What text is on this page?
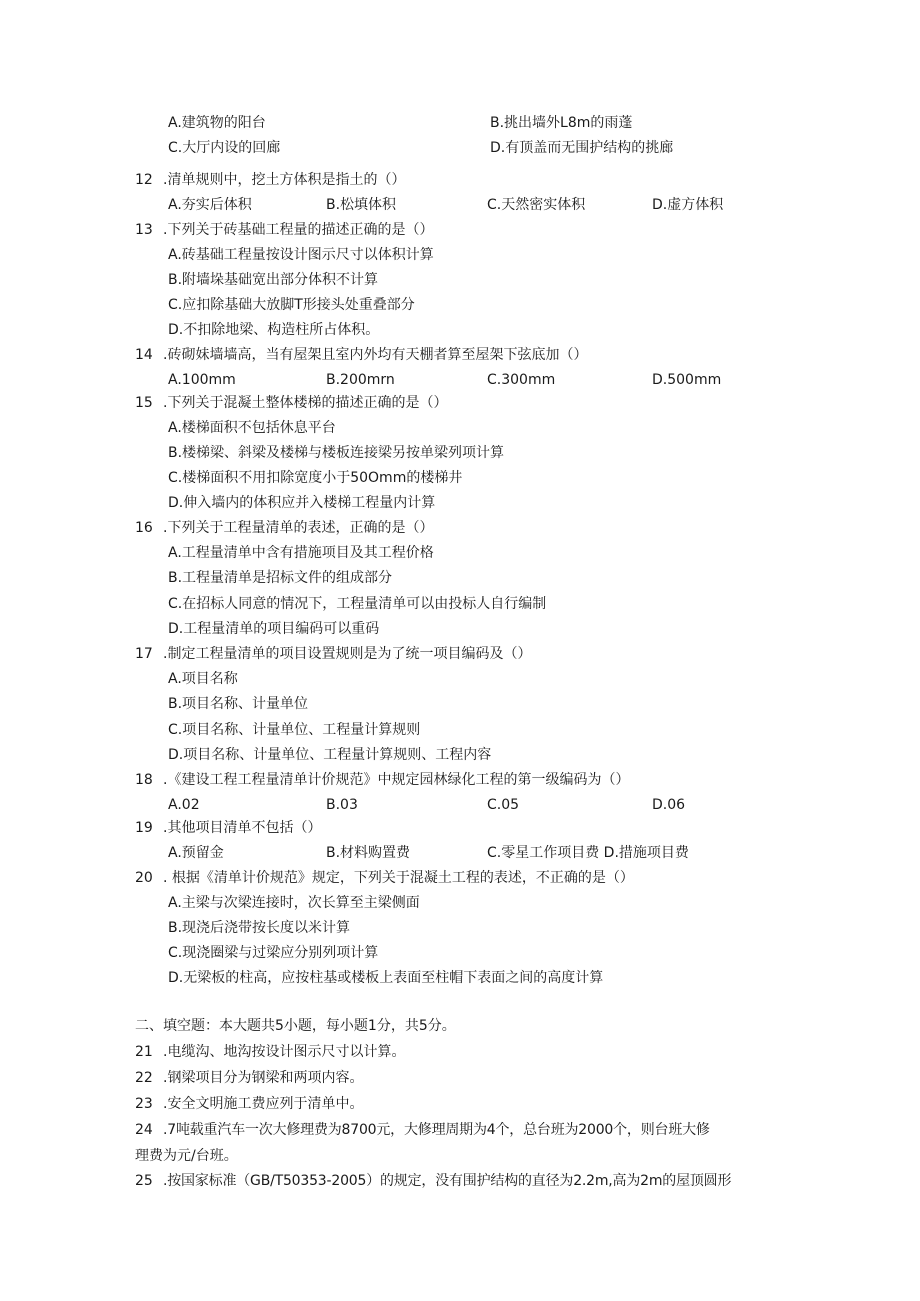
A.建筑物的阳台	B.挑出墙外L8m的雨蓬
C.大厅内设的回廊	D.有顶盖而无围护结构的挑廊
12 .清单规则中，挖土方体积是指土的（）
A.夯实后体积	B.松填体积	C.天然密实体积	D.虚方体积
13 .下列关于砖基础工程量的描述正确的是（）
A.砖基础工程量按设计图示尺寸以体积计算
B.附墙垛基础宽出部分体积不计算
C.应扣除基础大放脚T形接头处重叠部分
D.不扣除地梁、构造柱所占体积。
14 .砖砌妹墙墙高，当有屋架且室内外均有天棚者算至屋架下弦底加（）
A.100mm	B.200mrn	C.300mm	D.500mm
15 .下列关于混凝土整体楼梯的描述正确的是（）
A.楼梯面积不包括休息平台
B.楼梯梁、斜梁及楼梯与楼板连接梁另按单梁列项计算
C.楼梯面积不用扣除宽度小于50Omm的楼梯井
D.伸入墙内的体积应并入楼梯工程量内计算
16 .下列关于工程量清单的表述，正确的是（）
A.工程量清单中含有措施项目及其工程价格
B.工程量清单是招标文件的组成部分
C.在招标人同意的情况下，工程量清单可以由投标人自行编制
D.工程量清单的项目编码可以重码
17 .制定工程量清单的项目设置规则是为了统一项目编码及（）
A.项目名称
B.项目名称、计量单位
C.项目名称、计量单位、工程量计算规则
D.项目名称、计量单位、工程量计算规则、工程内容
18 .《建设工程工程量清单计价规范》中规定园林绿化工程的第一级编码为（）
A.02	B.03	C.05	D.06
19 .其他项目清单不包括（）
A.预留金	B.材料购置费	C.零星工作项目费 D.措施项目费
20 . 根据《清单计价规范》规定，下列关于混凝土工程的表述，不正确的是（）
A.主梁与次梁连接时，次长算至主梁侧面
B.现浇后浇带按长度以米计算
C.现浇圈梁与过梁应分别列项计算
D.无梁板的柱高，应按柱基或楼板上表面至柱帽下表面之间的高度计算
二、填空题：本大题共5小题，每小题1分，共5分。
21 .电缆沟、地沟按设计图示尺寸以计算。
22 .钢梁项目分为钢梁和两项内容。
23 .安全文明施工费应列于清单中。
24 .7吨载重汽车一次大修理费为8700元，大修理周期为4个，总台班为2000个，则台班大修
理费为元/台班。
25 .按国家标准（GB/T50353-2005）的规定，没有围护结构的直径为2.2m,高为2m的屋顶圆形
